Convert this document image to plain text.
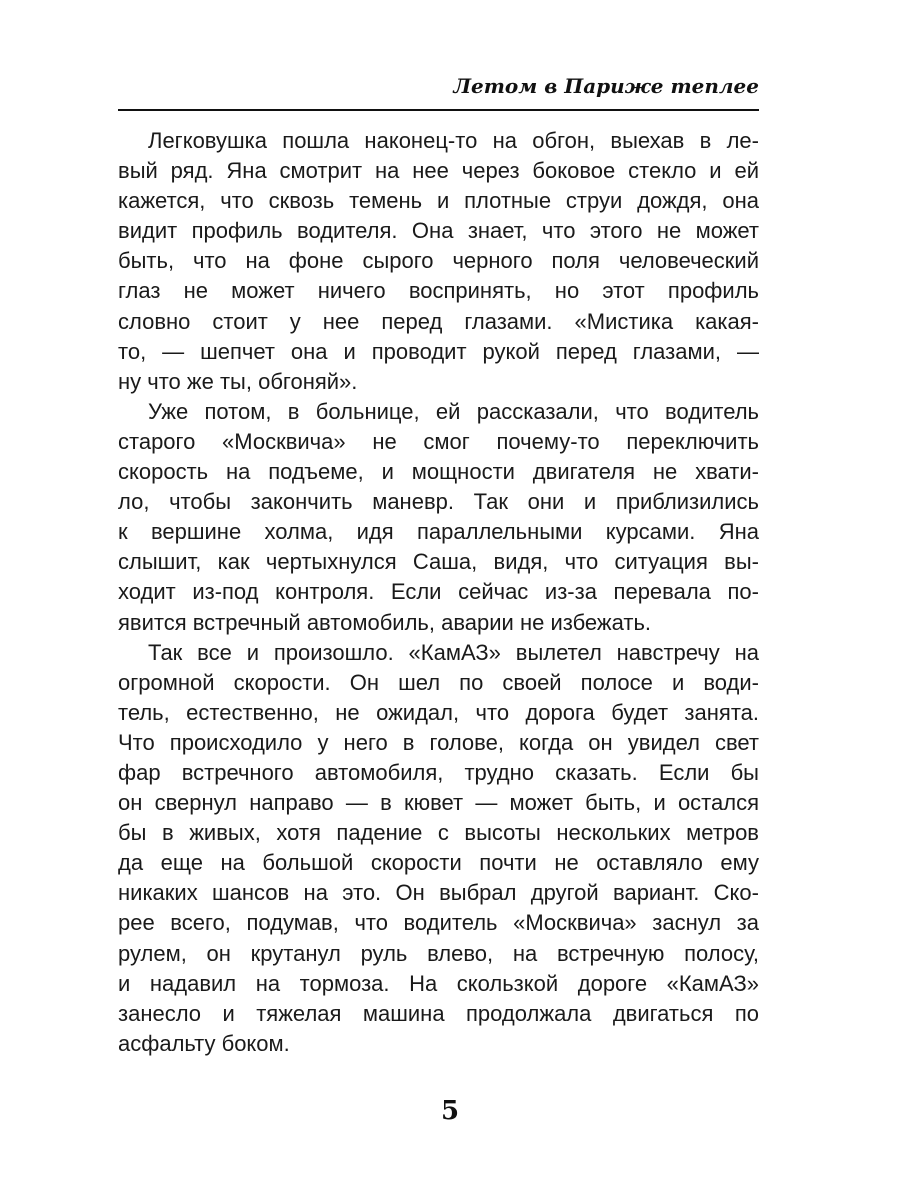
Летом в Париже теплее
Легковушка пошла наконец-то на обгон, выехав в ле-
вый ряд. Яна смотрит на нее через боковое стекло и ей
кажется, что сквозь темень и плотные струи дождя, она
видит профиль водителя. Она знает, что этого не может
быть, что на фоне сырого черного поля человеческий
глаз не может ничего воспринять, но этот профиль
словно стоит у нее перед глазами. «Мистика какая-
то, — шепчет она и проводит рукой перед глазами, —
ну что же ты, обгоняй».
Уже потом, в больнице, ей рассказали, что водитель
старого «Москвича» не смог почему-то переключить
скорость на подъеме, и мощности двигателя не хвати-
ло, чтобы закончить маневр. Так они и приблизились
к вершине холма, идя параллельными курсами. Яна
слышит, как чертыхнулся Саша, видя, что ситуация вы-
ходит из-под контроля. Если сейчас из-за перевала по-
явится встречный автомобиль, аварии не избежать.
Так все и произошло. «КамАЗ» вылетел навстречу на
огромной скорости. Он шел по своей полосе и води-
тель, естественно, не ожидал, что дорога будет занята.
Что происходило у него в голове, когда он увидел свет
фар встречного автомобиля, трудно сказать. Если бы
он свернул направо — в кювет — может быть, и остался
бы в живых, хотя падение с высоты нескольких метров
да еще на большой скорости почти не оставляло ему
никаких шансов на это. Он выбрал другой вариант. Ско-
рее всего, подумав, что водитель «Москвича» заснул за
рулем, он крутанул руль влево, на встречную полосу,
и надавил на тормоза. На скользкой дороге «КамАЗ»
занесло и тяжелая машина продолжала двигаться по
асфальту боком.
5
